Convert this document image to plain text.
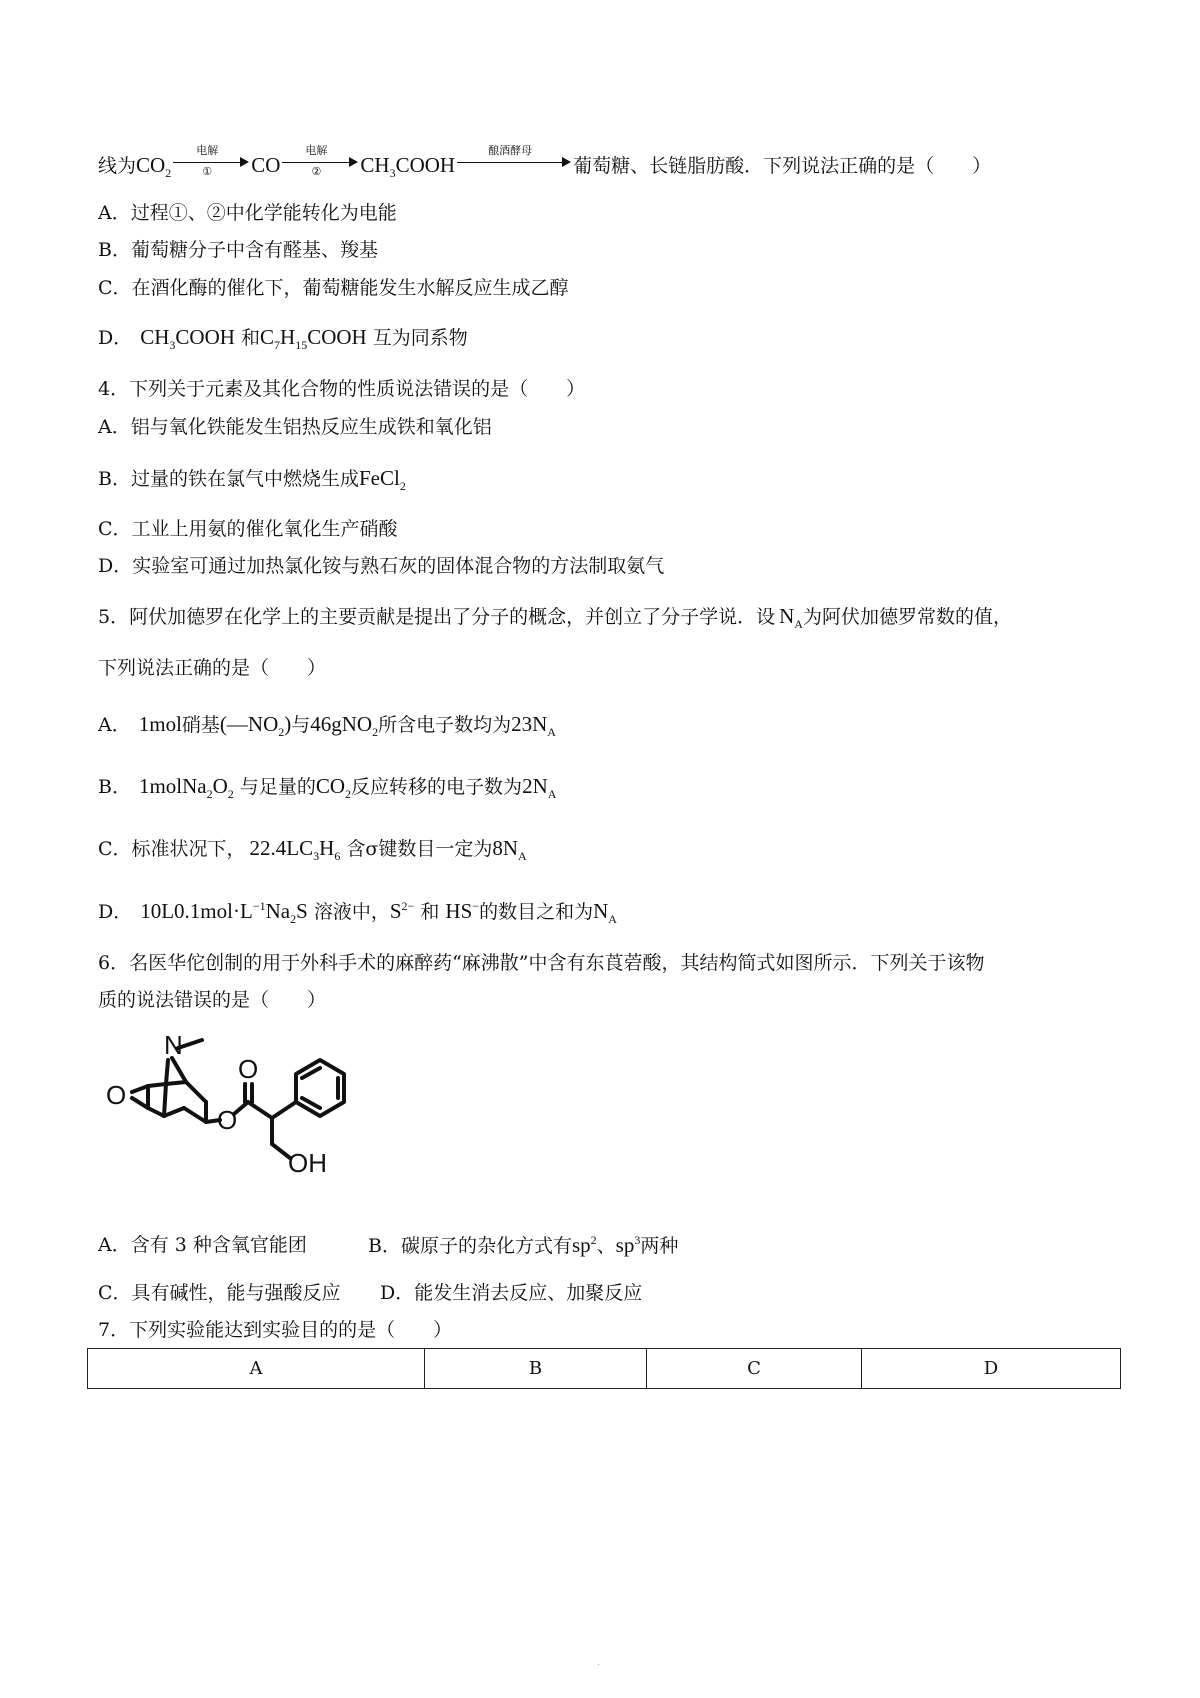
线为$CO_2$
电解
①	CO
电解
②	$CH_3COOH$
酿酒酵母
葡萄糖、长链脂肪酸．下列说法正确的是（　　）
A．过程①、②中化学能转化为电能
B．葡萄糖分子中含有醛基、羧基
C．在酒化酶的催化下，葡萄糖能发生水解反应生成乙醇
D． $CH_3COOH$ 和$C_7H_{15}COOH$ 互为同系物
4．下列关于元素及其化合物的性质说法错误的是（　　）
A．铝与氧化铁能发生铝热反应生成铁和氧化铝
B．过量的铁在氯气中燃烧生成FeCl$_2$
C．工业上用氨的催化氧化生产硝酸
D．实验室可通过加热氯化铵与熟石灰的固体混合物的方法制取氨气
5．阿伏加德罗在化学上的主要贡献是提出了分子的概念，并创立了分子学说．设 $N_A$为阿伏加德罗常数的值，
下列说法正确的是（　　）
A． 1mol硝基$(—NO_2)$与46gNO$_2$所含电子数均为$23N_A$
B． $1molNa_2O_2$ 与足量的$CO_2$反应转移的电子数为$2N_A$
C．标准状况下， $22.4LC_3H_6$ 含σ键数目一定为$8N_A$
D． $10L0.1mol\cdot L^{-1}Na_2S$ 溶液中，$S^{2-}$ 和 HS−的数目之和为$N_A$
6．名医华佗创制的用于外科手术的麻醉药“麻沸散”中含有东莨菪酸，其结构简式如图所示．下列关于该物
质的说法错误的是（　　）
N
O
O
O
OH
A．含有 3 种含氧官能团	B．碳原子的杂化方式有$sp^2$、$sp^3$两种
C．具有碱性，能与强酸反应 D．能发生消去反应、加聚反应
7．下列实验能达到实验目的的是（　　）
A	B	C	D
.
